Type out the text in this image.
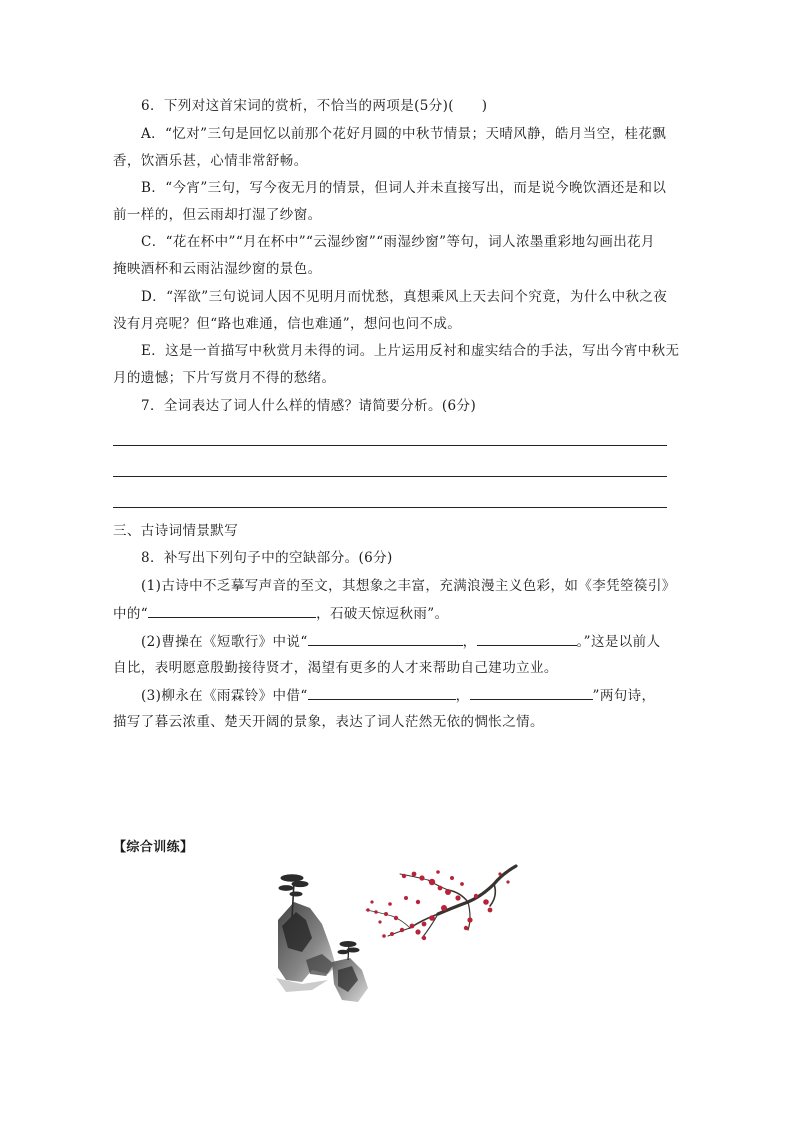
6．下列对这首宋词的赏析，不恰当的两项是(5分)(　　)
A．“忆对”三句是回忆以前那个花好月圆的中秋节情景；天晴风静，皓月当空，桂花飘
香，饮酒乐甚，心情非常舒畅。
B．“今宵”三句，写今夜无月的情景，但词人并未直接写出，而是说今晚饮酒还是和以
前一样的，但云雨却打湿了纱窗。
C．“花在杯中”“月在杯中”“云湿纱窗”“雨湿纱窗”等句，词人浓墨重彩地勾画出花月
掩映酒杯和云雨沾湿纱窗的景色。
D．“浑欲”三句说词人因不见明月而忧愁，真想乘风上天去问个究竟，为什么中秋之夜
没有月亮呢？但“路也难通，信也难通”，想问也问不成。
E．这是一首描写中秋赏月未得的词。上片运用反衬和虚实结合的手法，写出今宵中秋无
月的遗憾；下片写赏月不得的愁绪。
7．全词表达了词人什么样的情感？请简要分析。(6分)
三、古诗词情景默写
8．补写出下列句子中的空缺部分。(6分)
(1)古诗中不乏摹写声音的至文，其想象之丰富，充满浪漫主义色彩，如《李凭箜篌引》
中的“	，石破天惊逗秋雨”。
(2)曹操在《短歌行》中说“	，	。”这是以前人
自比，表明愿意殷勤接待贤才，渴望有更多的人才来帮助自己建功立业。
(3)柳永在《雨霖铃》中借“	，	”两句诗，
描写了暮云浓重、楚天开阔的景象，表达了词人茫然无依的惆怅之情。
【综合训练】
